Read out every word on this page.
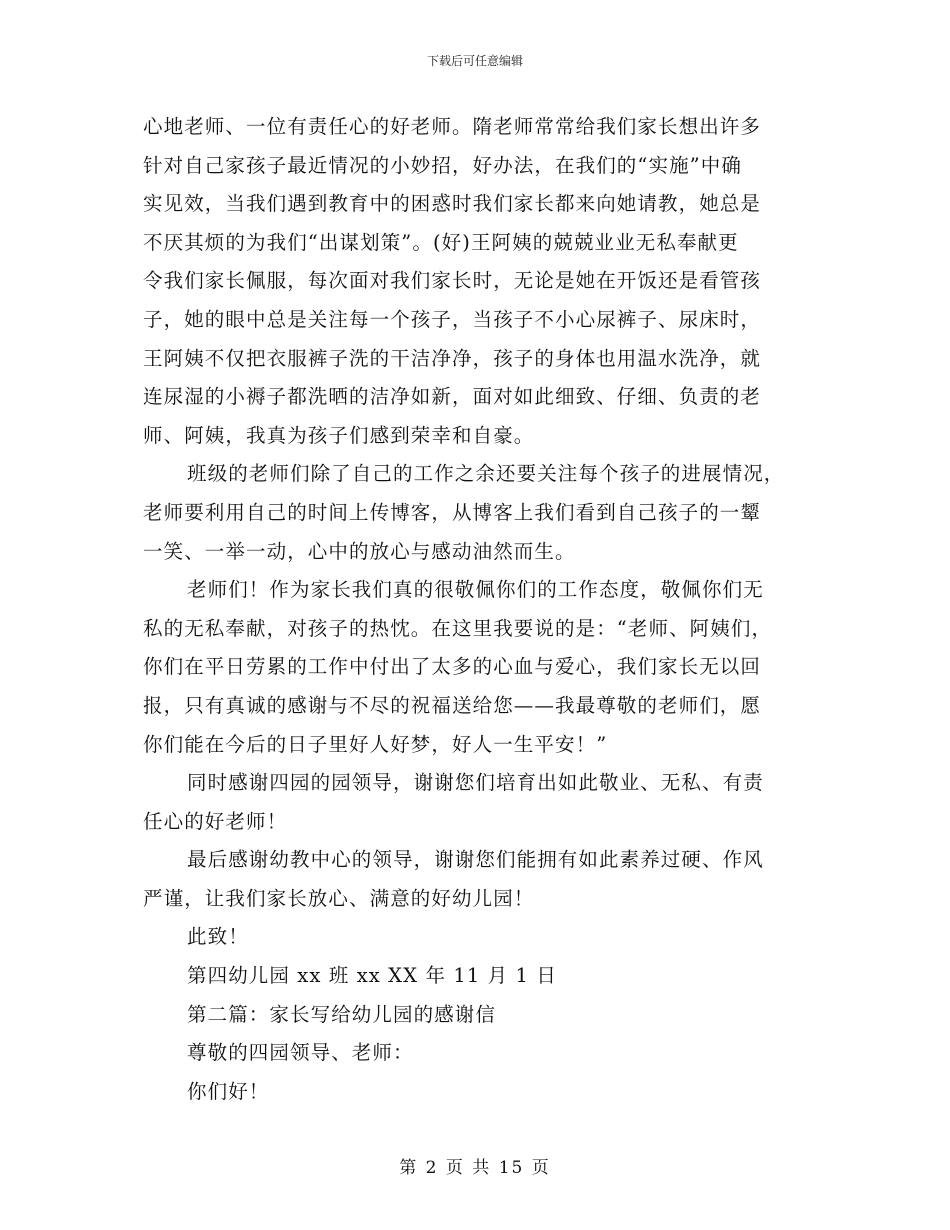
下载后可任意编辑
心地老师、一位有责任心的好老师。隋老师常常给我们家长想出许多
针对自己家孩子最近情况的小妙招，好办法，在我们的“实施”中确
实见效，当我们遇到教育中的困惑时我们家长都来向她请教，她总是
不厌其烦的为我们“出谋划策”。(好)王阿姨的兢兢业业无私奉献更
令我们家长佩服，每次面对我们家长时，无论是她在开饭还是看管孩
子，她的眼中总是关注每一个孩子，当孩子不小心尿裤子、尿床时，
王阿姨不仅把衣服裤子洗的干洁净净，孩子的身体也用温水洗净，就
连尿湿的小褥子都洗晒的洁净如新，面对如此细致、仔细、负责的老
师、阿姨，我真为孩子们感到荣幸和自豪。
班级的老师们除了自己的工作之余还要关注每个孩子的进展情况，
老师要利用自己的时间上传博客，从博客上我们看到自己孩子的一颦
一笑、一举一动，心中的放心与感动油然而生。
老师们！作为家长我们真的很敬佩你们的工作态度，敬佩你们无
私的无私奉献，对孩子的热忱。在这里我要说的是：“老师、阿姨们，
你们在平日劳累的工作中付出了太多的心血与爱心，我们家长无以回
报，只有真诚的感谢与不尽的祝福送给您——我最尊敬的老师们，愿
你们能在今后的日子里好人好梦，好人一生平安！”
同时感谢四园的园领导，谢谢您们培育出如此敬业、无私、有责
任心的好老师！
最后感谢幼教中心的领导，谢谢您们能拥有如此素养过硬、作风
严谨，让我们家长放心、满意的好幼儿园！
此致！
第四幼儿园 xx 班 xx XX 年 11 月 1 日
第二篇：家长写给幼儿园的感谢信
尊敬的四园领导、老师：
你们好！
第 2 页 共 15 页
